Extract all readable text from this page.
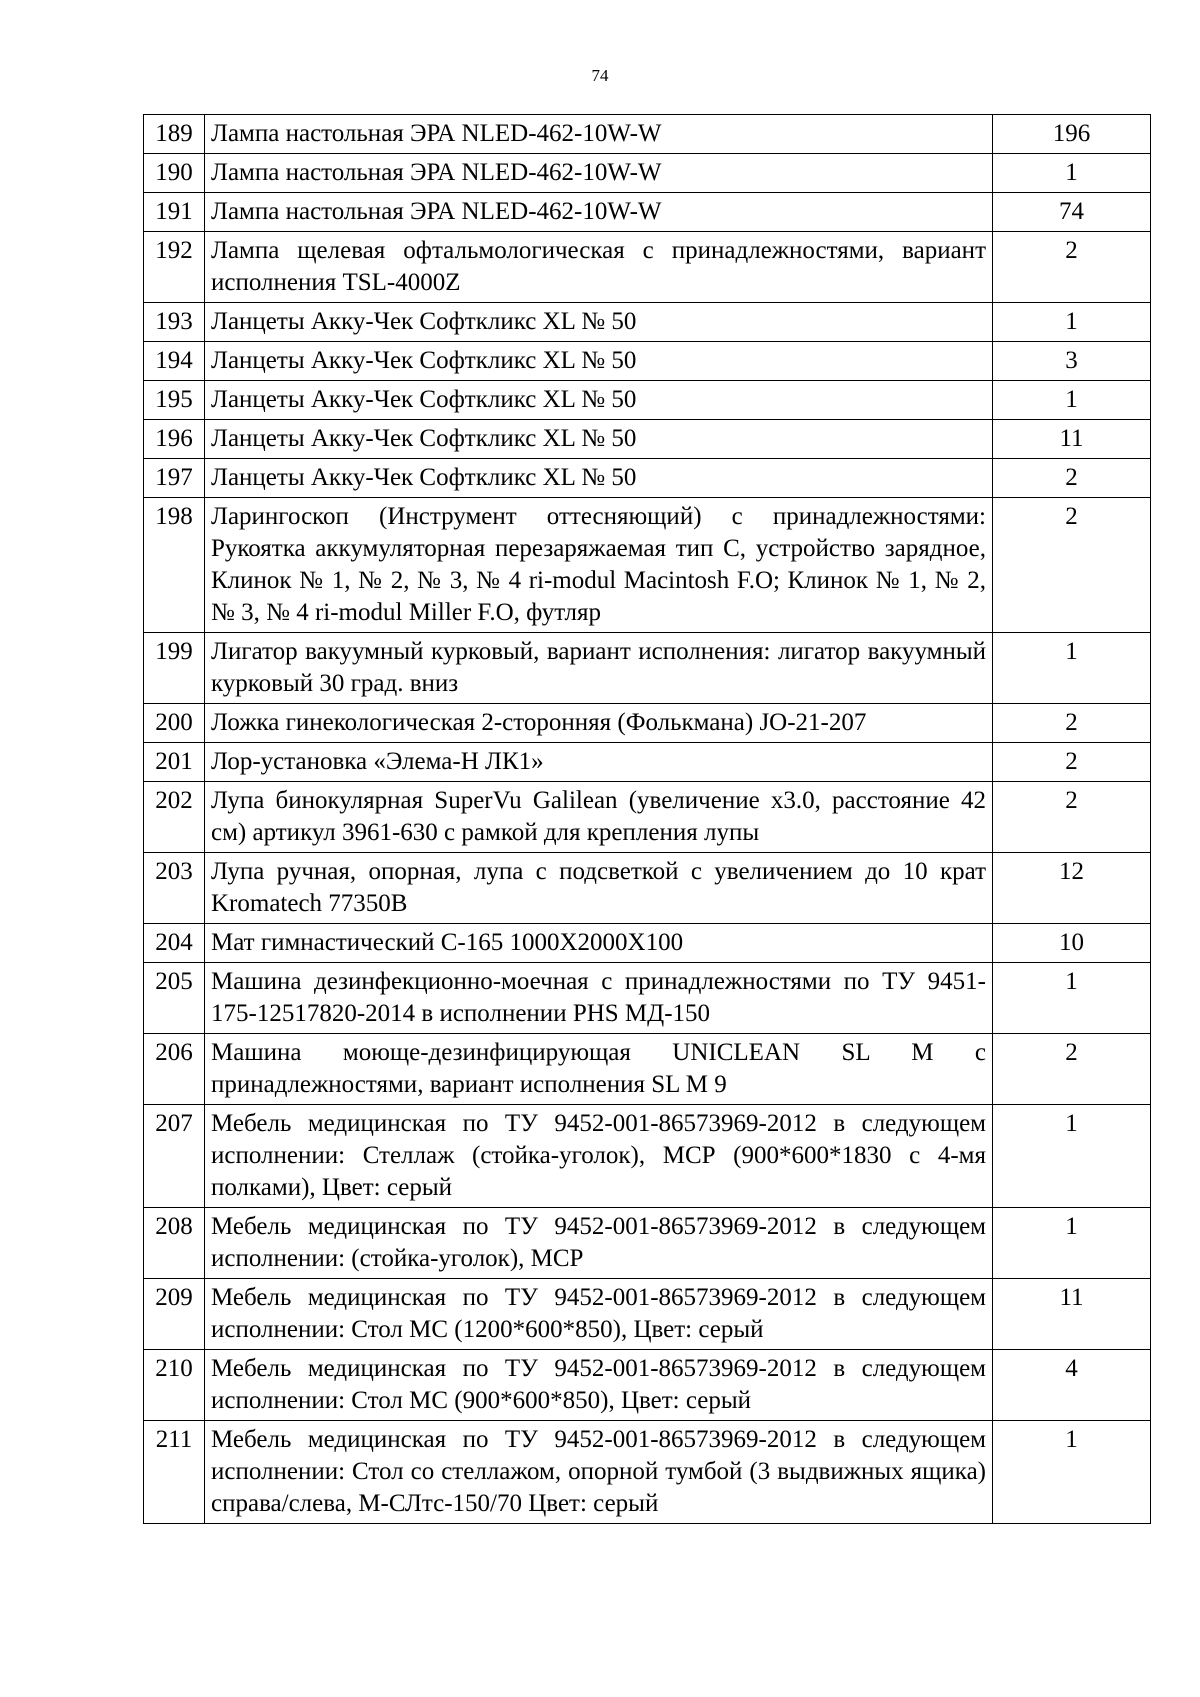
74
189	Лампа настольная ЭРА NLED-462-10W-W	196
190	Лампа настольная ЭРА NLED-462-10W-W	1
191	Лампа настольная ЭРА NLED-462-10W-W	74
192	Лампа щелевая офтальмологическая с принадлежностями, вариант исполнения TSL-4000Z	2
193	Ланцеты Акку-Чек Софткликс XL № 50	1
194	Ланцеты Акку-Чек Софткликс XL № 50	3
195	Ланцеты Акку-Чек Софткликс XL № 50	1
196	Ланцеты Акку-Чек Софткликс XL № 50	11
197	Ланцеты Акку-Чек Софткликс XL № 50	2
198	Ларингоскоп (Инструмент оттесняющий) с принадлежностями: Рукоятка аккумуляторная перезаряжаемая тип С, устройство зарядное, Клинок № 1, № 2, № 3, № 4 ri-modul Macintosh F.O; Клинок № 1, № 2, № 3, № 4 ri-modul Miller F.O, футляр	2
199	Лигатор вакуумный курковый, вариант исполнения: лигатор вакуумный курковый 30 град. вниз	1
200	Ложка гинекологическая 2-сторонняя (Фолькмана) JO-21-207	2
201	Лор-установка «Элема-Н ЛК1»	2
202	Лупа бинокулярная SuperVu Galilean (увеличение x3.0, расстояние 42 см) артикул 3961-630 с рамкой для крепления лупы	2
203	Лупа ручная, опорная, лупа с подсветкой с увеличением до 10 крат Kromatech 77350B	12
204	Мат гимнастический С-165 1000Х2000Х100	10
205	Машина дезинфекционно-моечная с принадлежностями по ТУ 9451-175-12517820-2014 в исполнении PHS МД-150	1
206	Машина моюще-дезинфицирующая UNICLEAN SL M с принадлежностями, вариант исполнения SL M 9	2
207	Мебель медицинская по ТУ 9452-001-86573969-2012 в следующем исполнении: Стеллаж (стойка-уголок), МСР (900*600*1830 с 4-мя полками), Цвет: серый	1
208	Мебель медицинская по ТУ 9452-001-86573969-2012 в следующем исполнении: (стойка-уголок), МСР	1
209	Мебель медицинская по ТУ 9452-001-86573969-2012 в следующем исполнении: Стол МС (1200*600*850), Цвет: серый	11
210	Мебель медицинская по ТУ 9452-001-86573969-2012 в следующем исполнении: Стол МС (900*600*850), Цвет: серый	4
211	Мебель медицинская по ТУ 9452-001-86573969-2012 в следующем исполнении: Стол со стеллажом, опорной тумбой (3 выдвижных ящика) справа/слева, М-СЛтс-150/70 Цвет: серый	1
